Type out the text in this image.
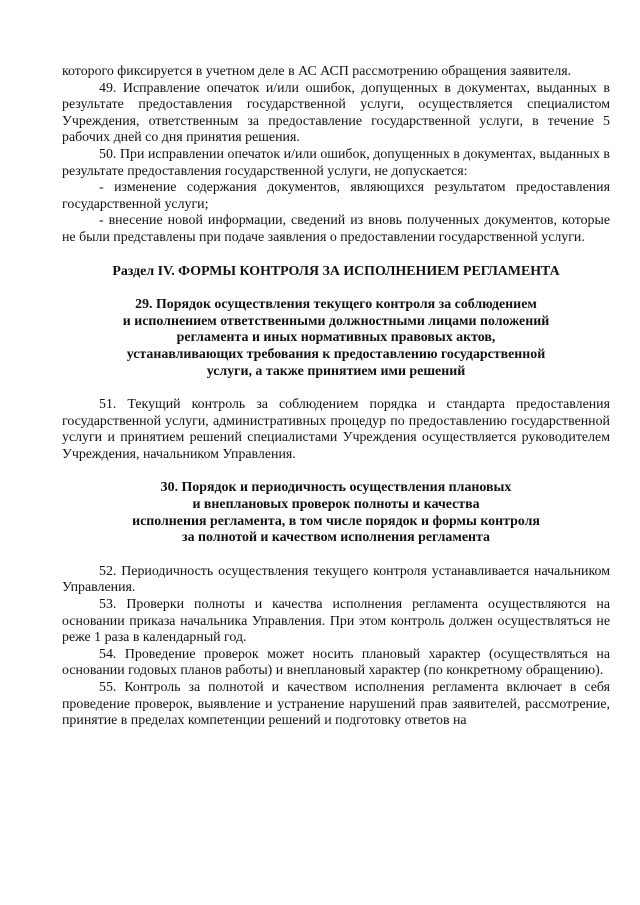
которого фиксируется в учетном деле в АС АСП рассмотрению обращения заявителя.

49. Исправление опечаток и/или ошибок, допущенных в документах, выданных в результате предоставления государственной услуги, осуществляется специалистом Учреждения, ответственным за предоставление государственной услуги, в течение 5 рабочих дней со дня принятия решения.

50. При исправлении опечаток и/или ошибок, допущенных в документах, выданных в результате предоставления государственной услуги, не допускается:

- изменение содержания документов, являющихся результатом предоставления государственной услуги;

- внесение новой информации, сведений из вновь полученных документов, которые не были представлены при подаче заявления о предоставлении государственной услуги.

Раздел IV. ФОРМЫ КОНТРОЛЯ ЗА ИСПОЛНЕНИЕМ РЕГЛАМЕНТА

29. Порядок осуществления текущего контроля за соблюдением

и исполнением ответственными должностными лицами положений

регламента и иных нормативных правовых актов,

устанавливающих требования к предоставлению государственной

услуги, а также принятием ими решений

51. Текущий контроль за соблюдением порядка и стандарта предоставления государственной услуги, административных процедур по предоставлению государственной услуги и принятием решений специалистами Учреждения осуществляется руководителем Учреждения, начальником Управления.

30. Порядок и периодичность осуществления плановых

и внеплановых проверок полноты и качества

исполнения регламента, в том числе порядок и формы контроля

за полнотой и качеством исполнения регламента

52. Периодичность осуществления текущего контроля устанавливается начальником Управления.

53. Проверки полноты и качества исполнения регламента осуществляются на основании приказа начальника Управления. При этом контроль должен осуществляться не реже 1 раза в календарный год.

54. Проведение проверок может носить плановый характер (осуществляться на основании годовых планов работы) и внеплановый характер (по конкретному обращению).

55. Контроль за полнотой и качеством исполнения регламента включает в себя проведение проверок, выявление и устранение нарушений прав заявителей, рассмотрение, принятие в пределах компетенции решений и подготовку ответов на
